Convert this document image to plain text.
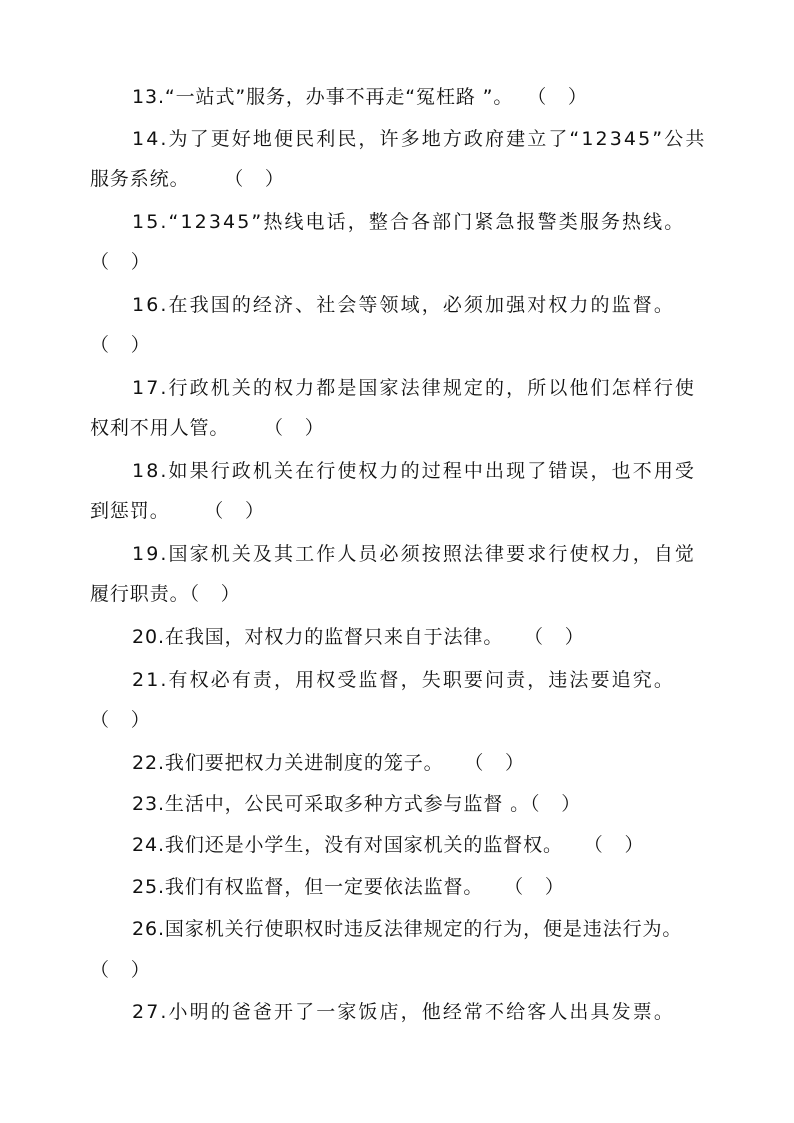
13.“一站式”服务，办事不再走“冤枉路 ”。  （   ）
14.为了更好地便民利民，许多地方政府建立了“12345”公共
服务系统。     （   ）
15.“12345”热线电话，整合各部门紧急报警类服务热线。
（   ）
16.在我国的经济、社会等领域，必须加强对权力的监督。
（   ）
17.行政机关的权力都是国家法律规定的，所以他们怎样行使
权利不用人管。     （   ）
18.如果行政机关在行使权力的过程中出现了错误，也不用受
到惩罚。     （   ）
19.国家机关及其工作人员必须按照法律要求行使权力，自觉
履行职责。（   ）
20.在我国，对权力的监督只来自于法律。   （   ）
21.有权必有责，用权受监督，失职要问责，违法要追究。
（   ）
22.我们要把权力关进制度的笼子。   （   ）
23.生活中，公民可采取多种方式参与监督 。（   ）
24.我们还是小学生，没有对国家机关的监督权。   （   ）
25.我们有权监督，但一定要依法监督。   （   ）
26.国家机关行使职权时违反法律规定的行为，便是违法行为。
（   ）
27.小明的爸爸开了一家饭店，他经常不给客人出具发票。
